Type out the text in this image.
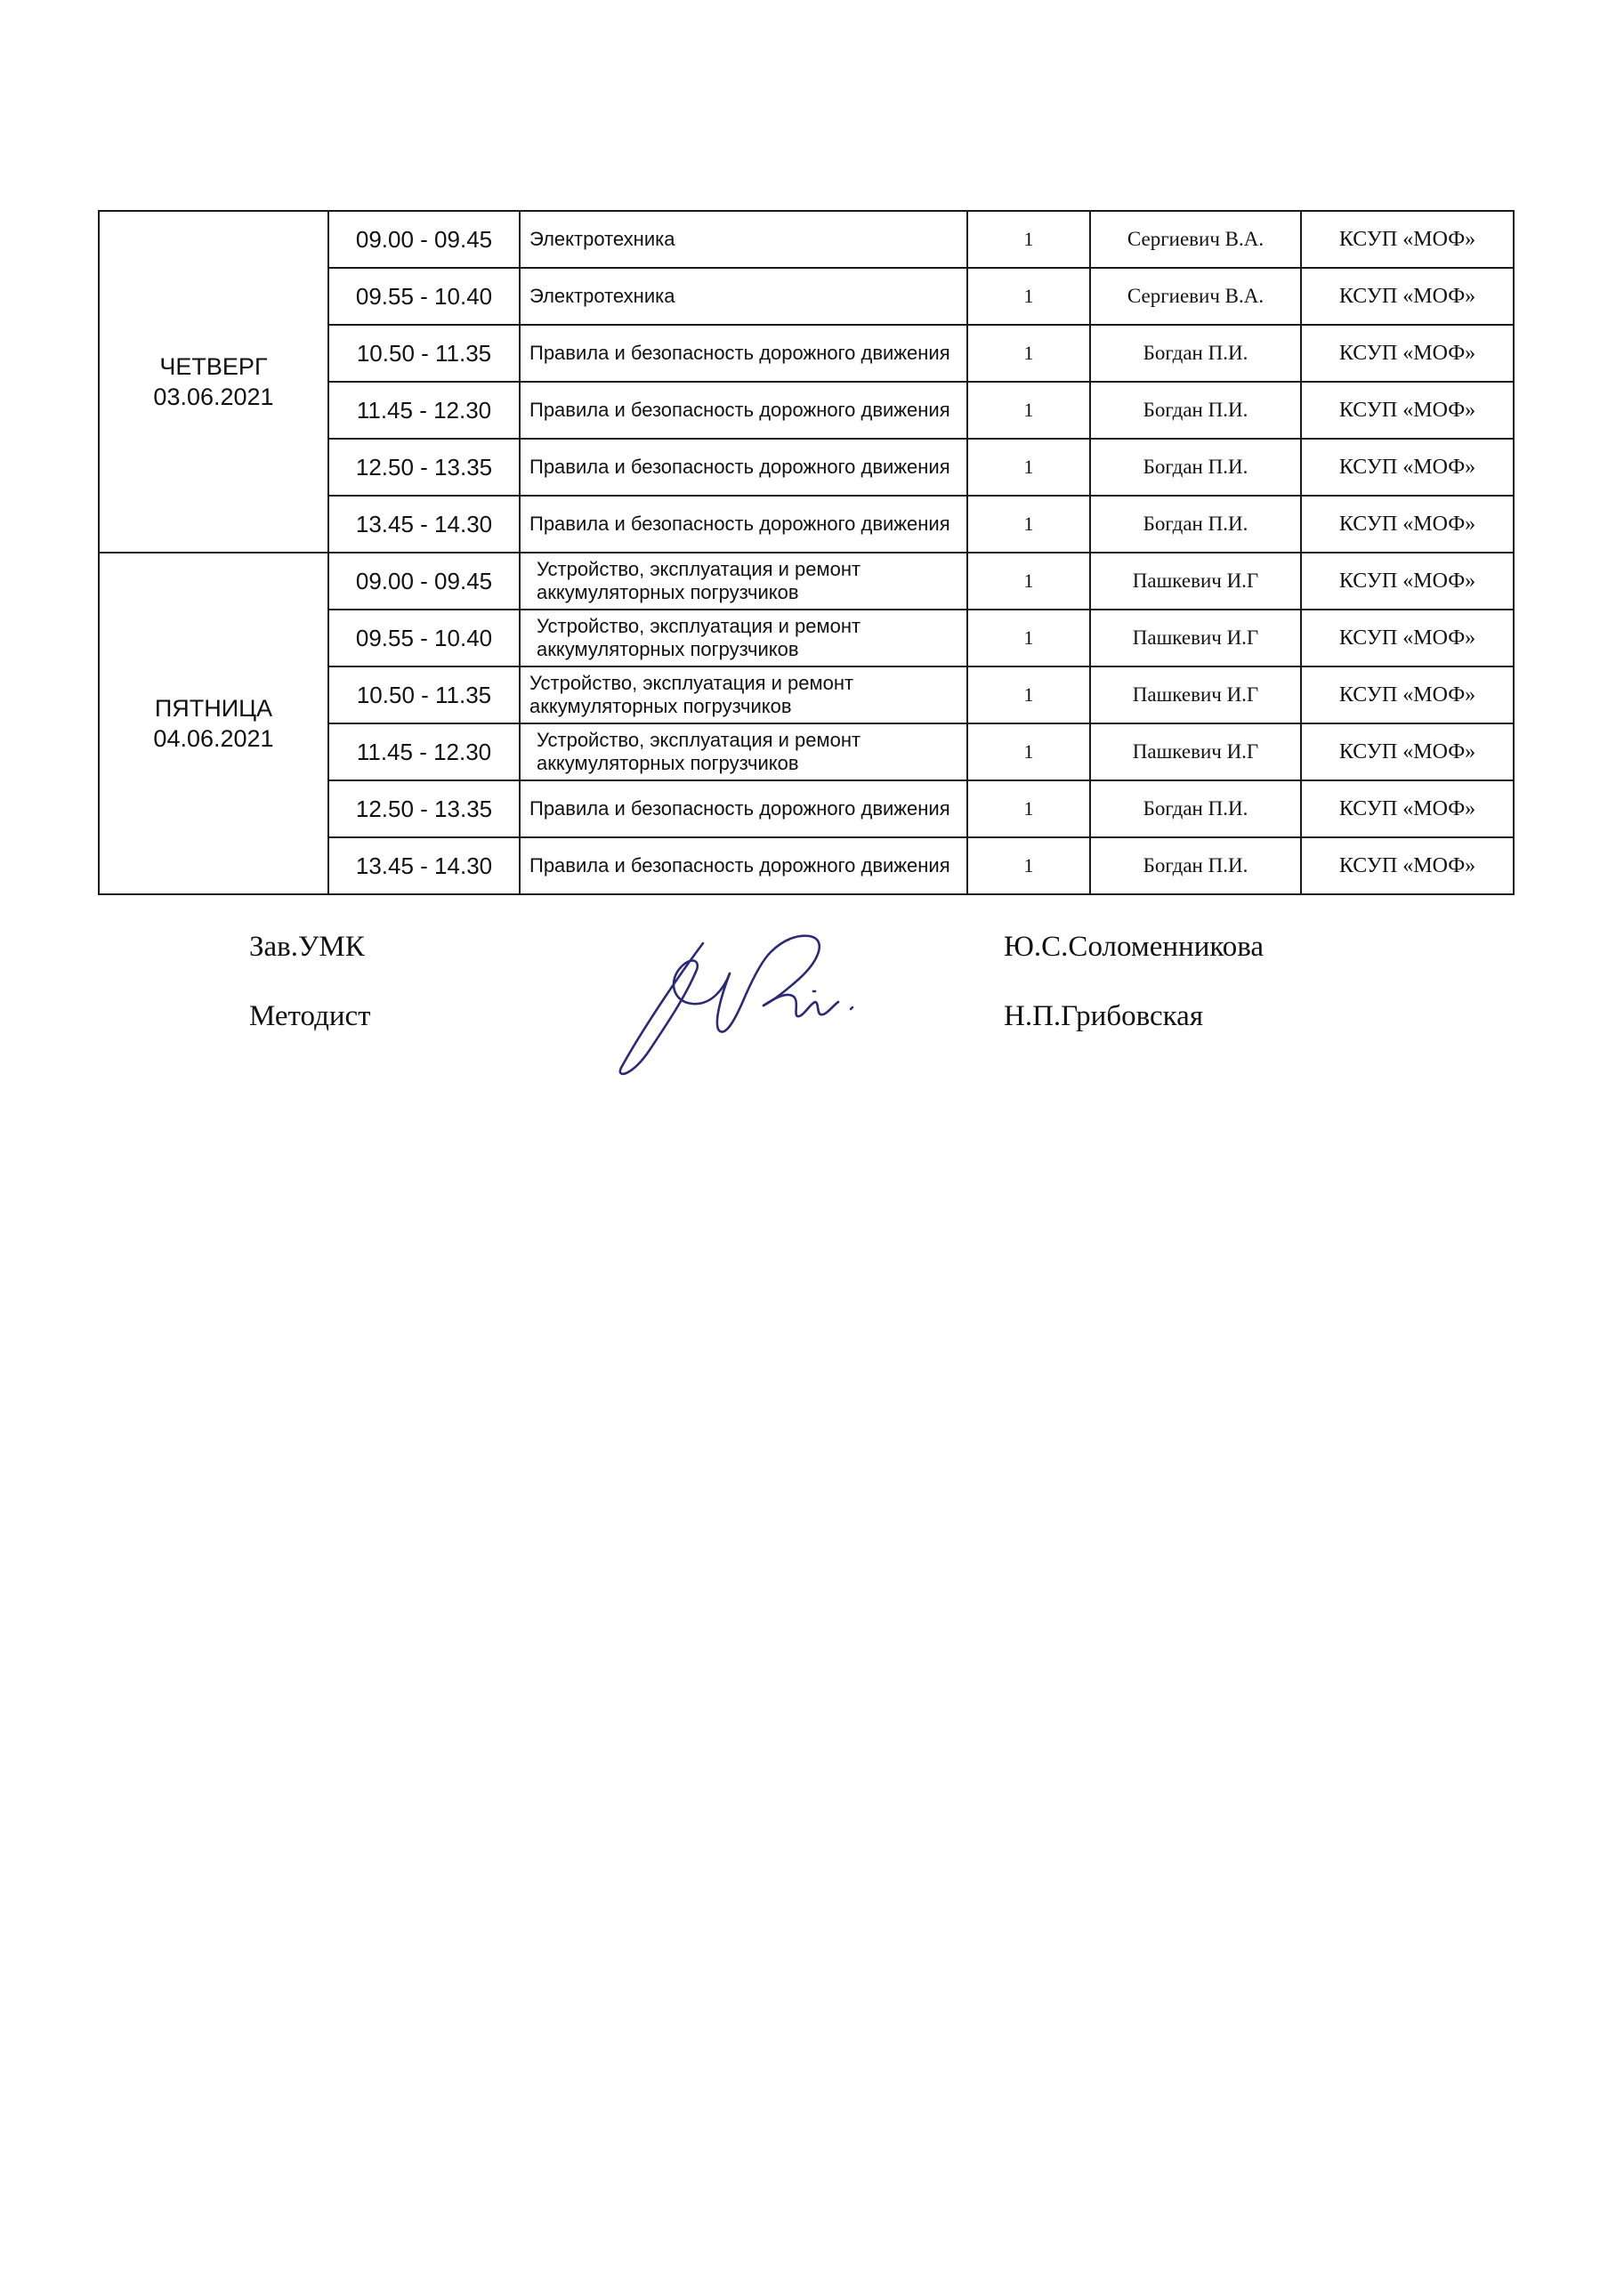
ЧЕТВЕРГ
03.06.2021	09.00 - 09.45	Электротехника	1	Сергиевич В.А.	КСУП «МОФ»
	09.55 - 10.40	Электротехника	1	Сергиевич В.А.	КСУП «МОФ»
	10.50 - 11.35	Правила и безопасность дорожного движения	1	Богдан П.И.	КСУП «МОФ»
	11.45 - 12.30	Правила и безопасность дорожного движения	1	Богдан П.И.	КСУП «МОФ»
	12.50 - 13.35	Правила и безопасность дорожного движения	1	Богдан П.И.	КСУП «МОФ»
	13.45 - 14.30	Правила и безопасность дорожного движения	1	Богдан П.И.	КСУП «МОФ»

ПЯТНИЦА
04.06.2021	09.00 - 09.45	Устройство, эксплуатация и ремонт аккумуляторных погрузчиков	1	Пашкевич И.Г	КСУП «МОФ»
	09.55 - 10.40	Устройство, эксплуатация и ремонт аккумуляторных погрузчиков	1	Пашкевич И.Г	КСУП «МОФ»
	10.50 - 11.35	Устройство, эксплуатация и ремонт аккумуляторных погрузчиков	1	Пашкевич И.Г	КСУП «МОФ»
	11.45 - 12.30	Устройство, эксплуатация и ремонт аккумуляторных погрузчиков	1	Пашкевич И.Г	КСУП «МОФ»
	12.50 - 13.35	Правила и безопасность дорожного движения	1	Богдан П.И.	КСУП «МОФ»
	13.45 - 14.30	Правила и безопасность дорожного движения	1	Богдан П.И.	КСУП «МОФ»
Зав.УМК	Ю.С.Соломенникова
Методист	Н.П.Грибовская
